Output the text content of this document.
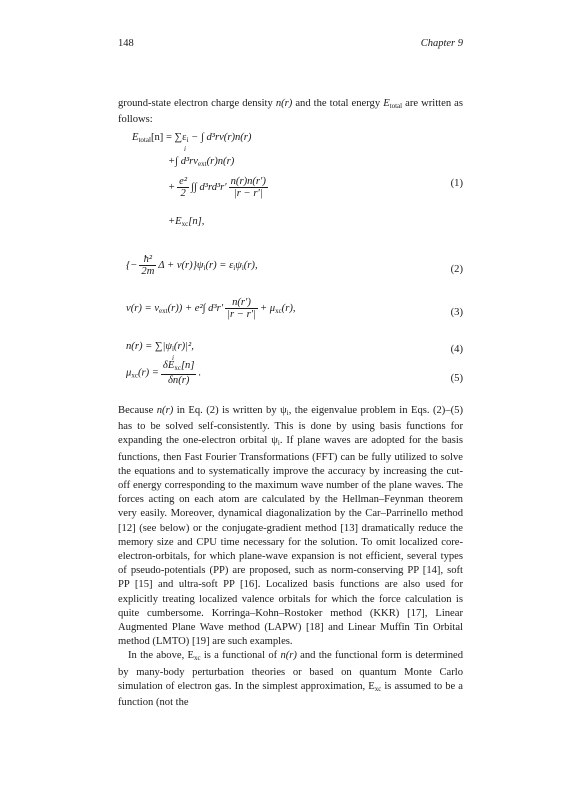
148	Chapter 9
ground-state electron charge density n(r) and the total energy $E_{total}$ are written as follows:
$E_{total}[n] = \sum\varepsilon_i$ − ∫ d³rv(r)n(r)
i
+∫ $d^3rv_{ext}(r)n(r)$
+ $\frac{\text{e²}}{2}$ ∫∫ $d^3rd^3r' \frac{n(r)n(r')}{|r - r'|}$
$+E_{xc}[n]$,
(1)
{− $\frac{\text{ħ²}}{2m}$ $\Delta + v(r)\}\psi_i(r) = \varepsilon_i\psi_i(r)$,	(2)
$v(r) = v_{ext}(r)) + e^2\int$ $d^3r' \frac{n(r')}{|r - r'|} + \mu_{xc}(r)$,	(3)
$n(r) = \sum|\psi_i(r)|^2$,
i
(4)
$\mu_{xc}(r) = \frac{\delta E_{xc}[n]}{\delta n(r)}$ .
(5)

Because n(r) in Eq. (2) is written by $\psi_i$, the eigenvalue problem in Eqs. (2)–(5) has to be solved self-consistently. This is done by using basis functions for expanding the one-electron orbital $\psi_i$. If plane waves are adopted for the basis functions, then Fast Fourier Transformations (FFT) can be fully utilized to solve the equations and to systematically improve the accuracy by increasing the cut-off energy corresponding to the maximum wave number of the plane waves. The forces acting on each atom are calculated by the Hellman–Feynman theorem very easily. Moreover, dynamical diagonalization by the Car–Parrinello method [12] (see below) or the conjugate-gradient method [13] dramatically reduce the memory size and CPU time necessary for the solution. To omit localized core-electron-orbitals, for which plane-wave expansion is not efficient, several types of pseudo-potentials (PP) are proposed, such as norm-conserving PP [14], soft PP [15] and ultra-soft PP [16]. Localized basis functions are also used for explicitly treating localized valence orbitals for which the force calculation is quite cumbersome. Korringa–Kohn–Rostoker method (KKR) [17], Linear Augmented Plane Wave method (LAPW) [18] and Linear Muffin Tin Orbital method (LMTO) [19] are such examples.

In the above, $E_{xc}$ is a functional of n(r) and the functional form is determined by many-body perturbation theories or based on quantum Monte Carlo simulation of electron gas. In the simplest approximation, $E_{xc}$ is assumed to be a function (not the
